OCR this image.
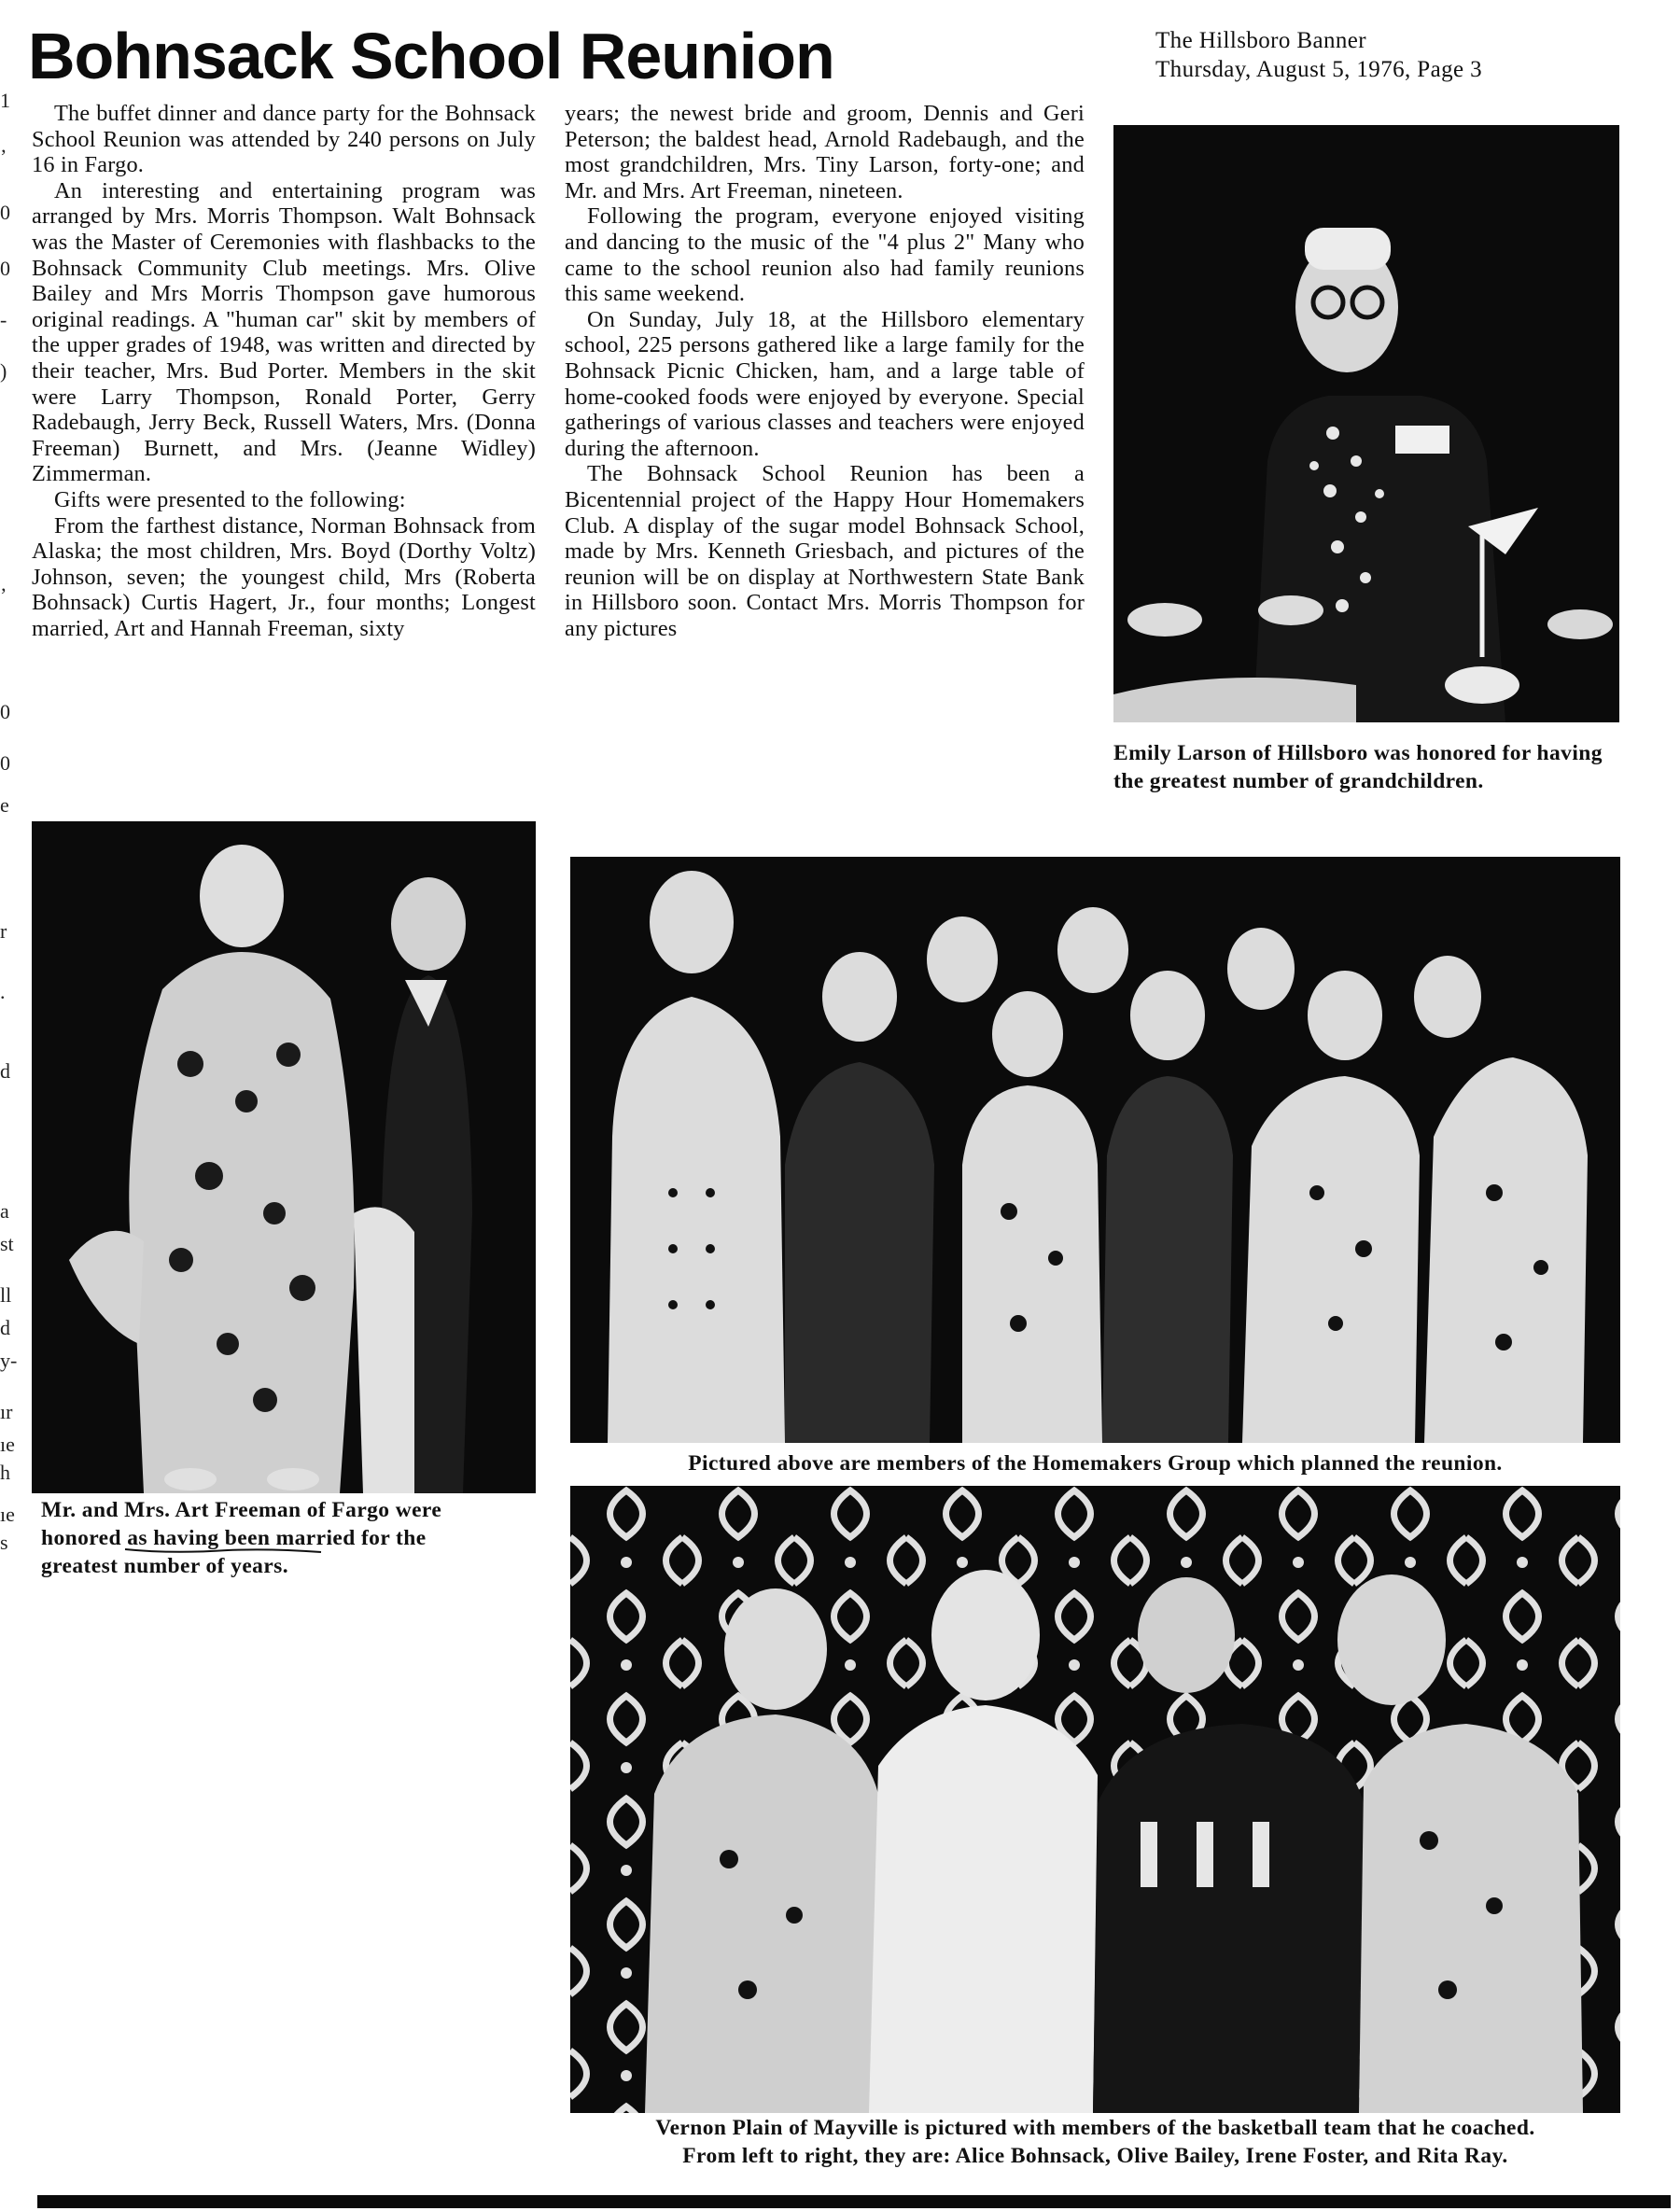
1
’
0
0
-
)
’
0
0
e
r
.
d
a
st
ll
d
y-
ır
ıe
h
ıe
s
Bohnsack School Reunion	The Hillsboro Banner
Thursday, August 5, 1976, Page 3

The buffet dinner and dance party for the Bohnsack School Reunion was attended by 240 persons on July 16 in Fargo.

An interesting and entertaining program was arranged by Mrs. Morris Thompson. Walt Bohnsack was the Master of Ceremonies with flashbacks to the Bohnsack Community Club meetings. Mrs. Olive Bailey and Mrs Morris Thompson gave humorous original readings. A "human car" skit by members of the upper grades of 1948, was written and directed by their teacher, Mrs. Bud Porter. Members in the skit were Larry Thompson, Ronald Porter, Gerry Radebaugh, Jerry Beck, Russell Waters, Mrs. (Donna Freeman) Burnett, and Mrs. (Jeanne Widley) Zimmerman.

Gifts were presented to the following:

From the farthest distance, Norman Bohnsack from Alaska; the most children, Mrs. Boyd (Dorthy Voltz) Johnson, seven; the youngest child, Mrs (Roberta Bohnsack) Curtis Hagert, Jr., four months; Longest married, Art and Hannah Freeman, sixty

years; the newest bride and groom, Dennis and Geri Peterson; the baldest head, Arnold Radebaugh, and the most grandchildren, Mrs. Tiny Larson, forty-one; and Mr. and Mrs. Art Freeman, nineteen.

Following the program, everyone enjoyed visiting and dancing to the music of the "4 plus 2" Many who came to the school reunion also had family reunions this same weekend.

On Sunday, July 18, at the Hillsboro elementary school, 225 persons gathered like a large family for the Bohnsack Picnic Chicken, ham, and a large table of home-cooked foods were enjoyed by everyone. Special gatherings of various classes and teachers were enjoyed during the afternoon.

The Bohnsack School Reunion has been a Bicentennial project of the Happy Hour Homemakers Club. A display of the sugar model Bohnsack School, made by Mrs. Kenneth Griesbach, and pictures of the reunion will be on display at Northwestern State Bank in Hillsboro soon. Contact Mrs. Morris Thompson for any pictures

Emily Larson of Hillsboro was honored for having the greatest number of grandchildren.
Mr. and Mrs. Art Freeman of Fargo were
honored as having been married for the
greatest number of years.
Pictured above are members of the Homemakers Group which planned the reunion.
Vernon Plain of Mayville is pictured with members of the basketball team that he coached.
From left to right, they are: Alice Bohnsack, Olive Bailey, Irene Foster, and Rita Ray.
